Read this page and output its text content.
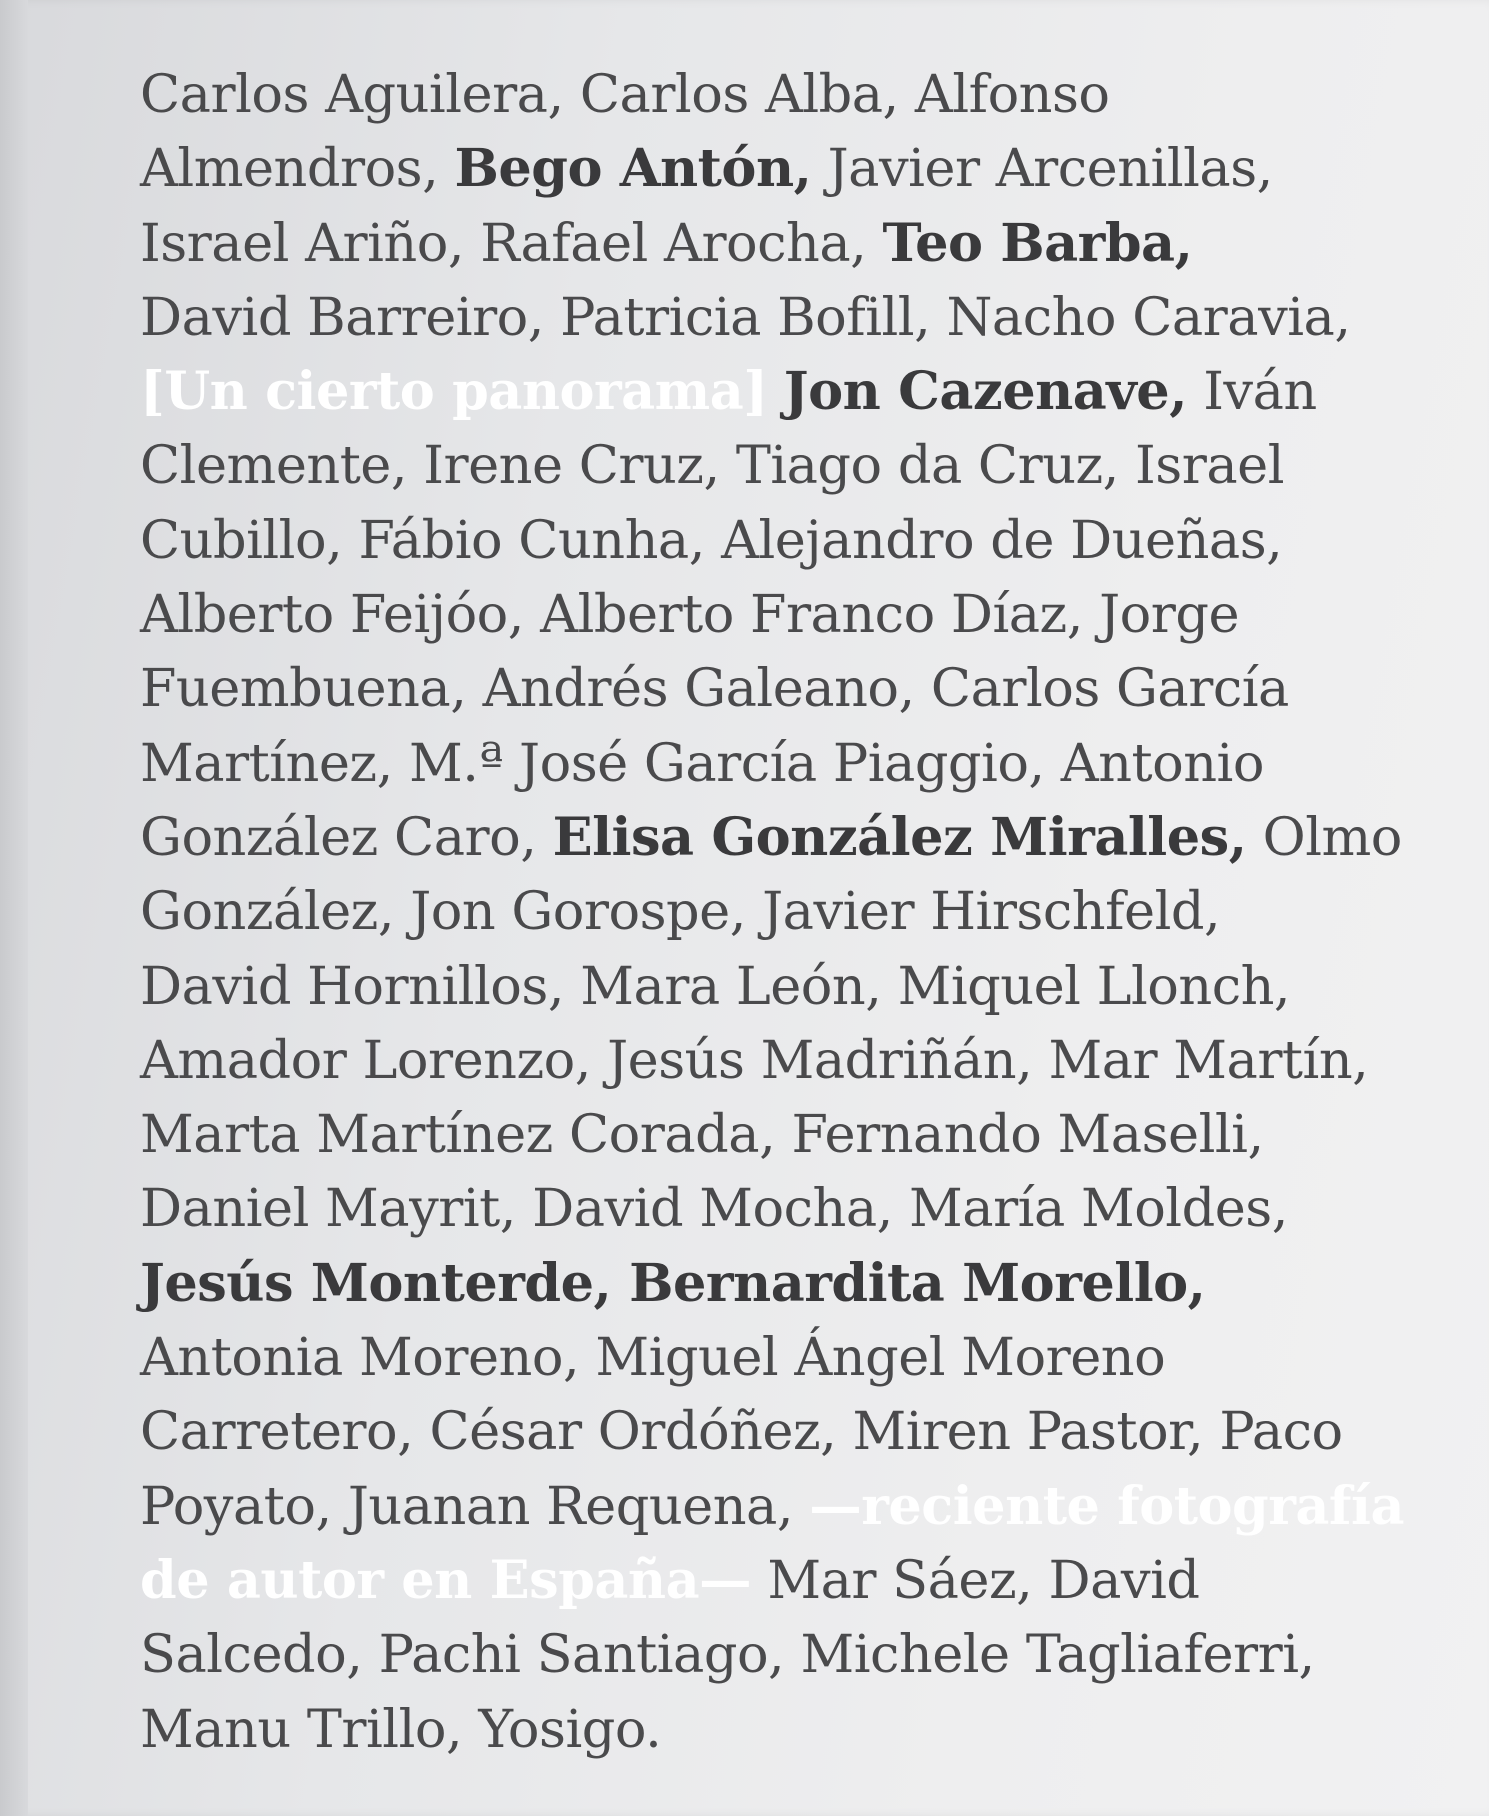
Carlos Aguilera, Carlos Alba, Alfonso
Almendros, Bego Antón, Javier Arcenillas,
Israel Ariño, Rafael Arocha, Teo Barba,
David Barreiro, Patricia Bofill, Nacho Caravia,
[Un cierto panorama] Jon Cazenave, Iván
Clemente, Irene Cruz, Tiago da Cruz, Israel
Cubillo, Fábio Cunha, Alejandro de Dueñas,
Alberto Feijóo, Alberto Franco Díaz, Jorge
Fuembuena, Andrés Galeano, Carlos García
Martínez, M.ª José García Piaggio, Antonio
González Caro, Elisa González Miralles, Olmo
González, Jon Gorospe, Javier Hirschfeld,
David Hornillos, Mara León, Miquel Llonch,
Amador Lorenzo, Jesús Madriñán, Mar Martín,
Marta Martínez Corada, Fernando Maselli,
Daniel Mayrit, David Mocha, María Moldes,
Jesús Monterde, Bernardita Morello,
Antonia Moreno, Miguel Ángel Moreno
Carretero, César Ordóñez, Miren Pastor, Paco
Poyato, Juanan Requena, —reciente fotografía
de autor en España— Mar Sáez, David
Salcedo, Pachi Santiago, Michele Tagliaferri,
Manu Trillo, Yosigo.
